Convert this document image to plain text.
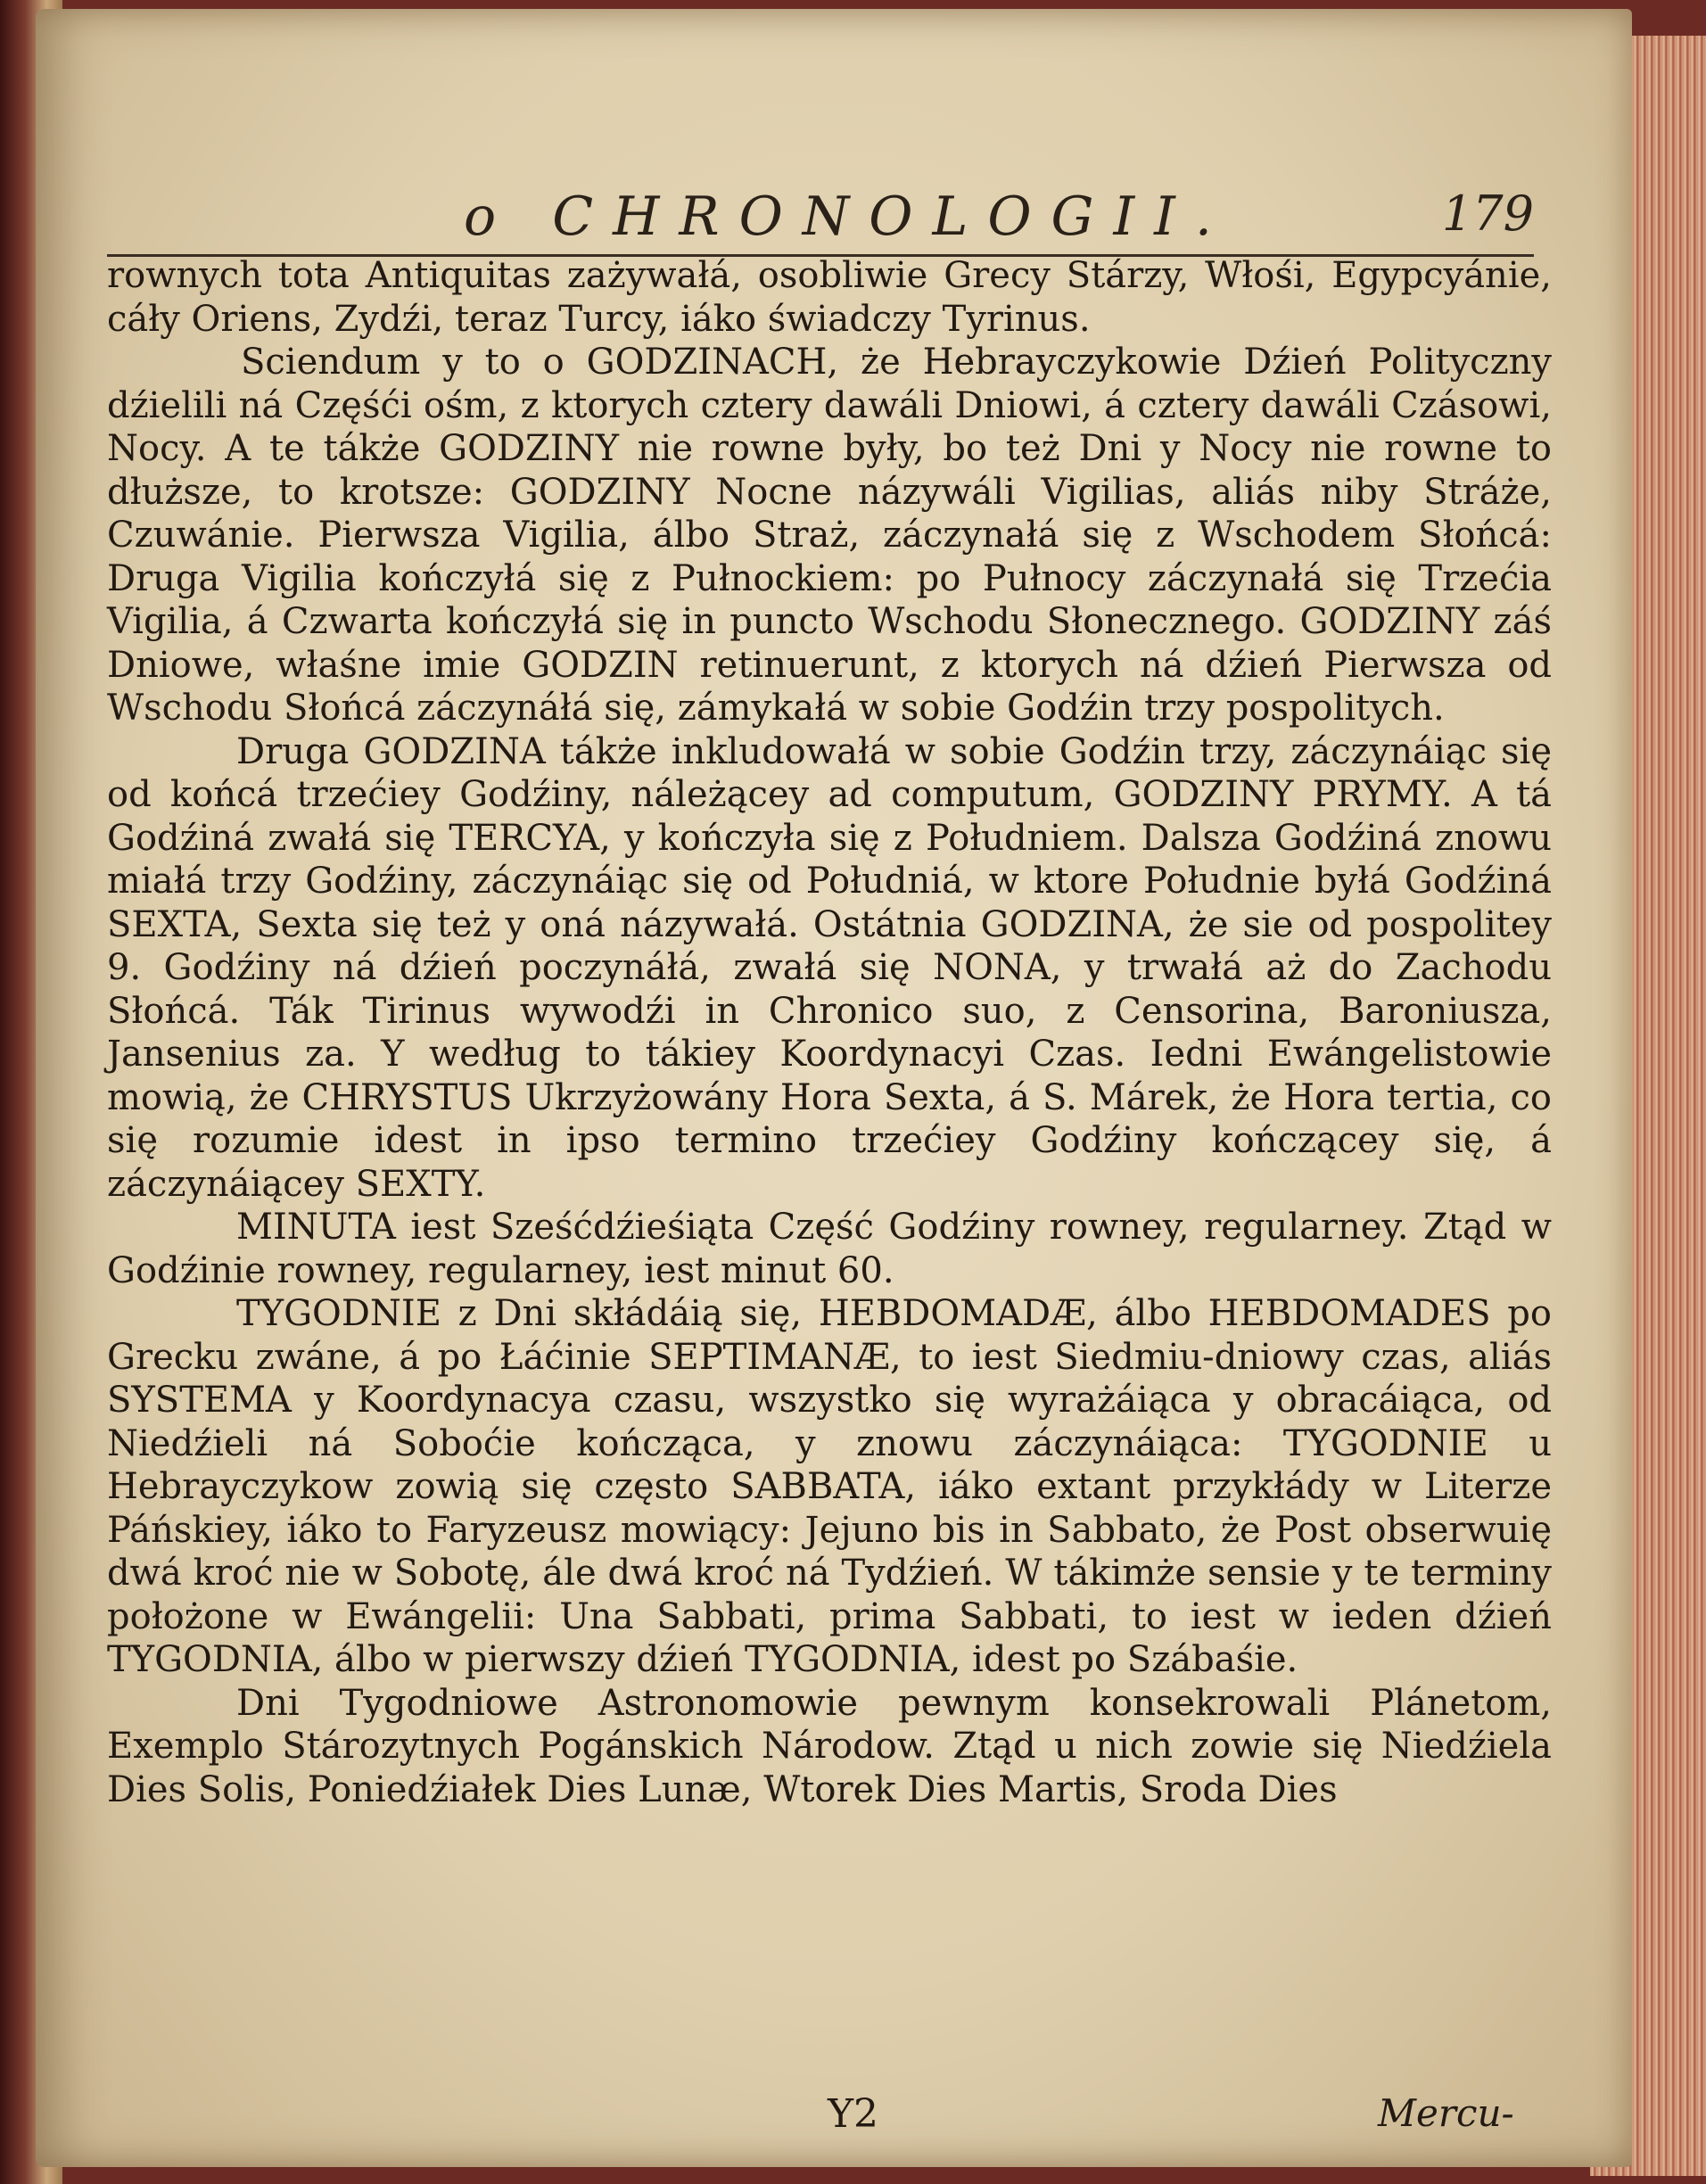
o CHRONOLOGII.	179

rownych tota Antiquitas zażywałá, osobliwie Grecy Stárzy, Włośi, Egypcyánie, cáły Oriens, Zydźi, teraz Turcy, iáko świadczy Tyrinus.

Sciendum y to o GODZINACH, że Hebrayczykowie Dźień Polityczny dźielili ná Częśći ośm, z ktorych cztery dawáli Dniowi, á cztery dawáli Czásowi, Nocy. A te tákże GODZINY nie rowne były, bo też Dni y Nocy nie rowne to dłuższe, to krotsze: GODZINY Nocne názywáli Vigilias, aliás niby Stráże, Czuwánie. Pierwsza Vigilia, álbo Straż, záczynałá się z Wschodem Słońcá: Druga Vigilia kończyłá się z Pułnockiem: po Pułnocy záczynałá się Trzećia Vigilia, á Czwarta kończyłá się in puncto Wschodu Słonecznego. GODZINY záś Dniowe, właśne imie GODZIN retinuerunt, z ktorych ná dźień Pierwsza od Wschodu Słońcá záczynáłá się, zámykałá w sobie Godźin trzy pospolitych.

Druga GODZINA tákże inkludowałá w sobie Godźin trzy, záczynáiąc się od końcá trzećiey Godźiny, náleżącey ad computum, GODZINY PRYMY. A tá Godźiná zwałá się TERCYA, y kończyła się z Południem. Dalsza Godźiná znowu miałá trzy Godźiny, záczynáiąc się od Południá, w ktore Południe byłá Godźiná SEXTA, Sexta się też y oná názywałá. Ostátnia GODZINA, że sie od pospolitey 9. Godźiny ná dźień poczynáłá, zwałá się NONA, y trwałá aż do Zachodu Słońcá. Ták Tirinus wywodźi in Chronico suo, z Censorina, Baroniusza, Jansenius za. Y według to tákiey Koordynacyi Czas. Iedni Ewángelistowie mowią, że CHRYSTUS Ukrzyżowány Hora Sexta, á S. Márek, że Hora tertia, co się rozumie idest in ipso termino trzećiey Godźiny kończącey się, á záczynáiącey SEXTY.

MINUTA iest Sześćdźieśiąta Część Godźiny rowney, regularney. Ztąd w Godźinie rowney, regularney, iest minut 60.

TYGODNIE z Dni skłádáią się, HEBDOMADÆ, álbo HEBDOMADES po Grecku zwáne, á po Łáćinie SEPTIMANÆ, to iest Siedmiu-dniowy czas, aliás SYSTEMA y Koordynacya czasu, wszystko się wyrażáiąca y obracáiąca, od Niedźieli ná Soboćie kończąca, y znowu záczynáiąca: TYGODNIE u Hebrayczykow zowią się często SABBATA, iáko extant przykłády w Literze Páńskiey, iáko to Faryzeusz mowiący: Jejuno bis in Sabbato, że Post obserwuię dwá kroć nie w Sobotę, ále dwá kroć ná Tydźień. W tákimże sensie y te terminy położone w Ewángelii: Una Sabbati, prima Sabbati, to iest w ieden dźień TYGODNIA, álbo w pierwszy dźień TYGODNIA, idest po Szábaśie.

Dni Tygodniowe Astronomowie pewnym konsekrowali Plánetom, Exemplo Stározytnych Pogánskich Národow. Ztąd u nich zowie się Niedźiela Dies Solis, Poniedźiałek Dies Lunæ, Wtorek Dies Martis, Sroda Dies

Y2	Mercu-
